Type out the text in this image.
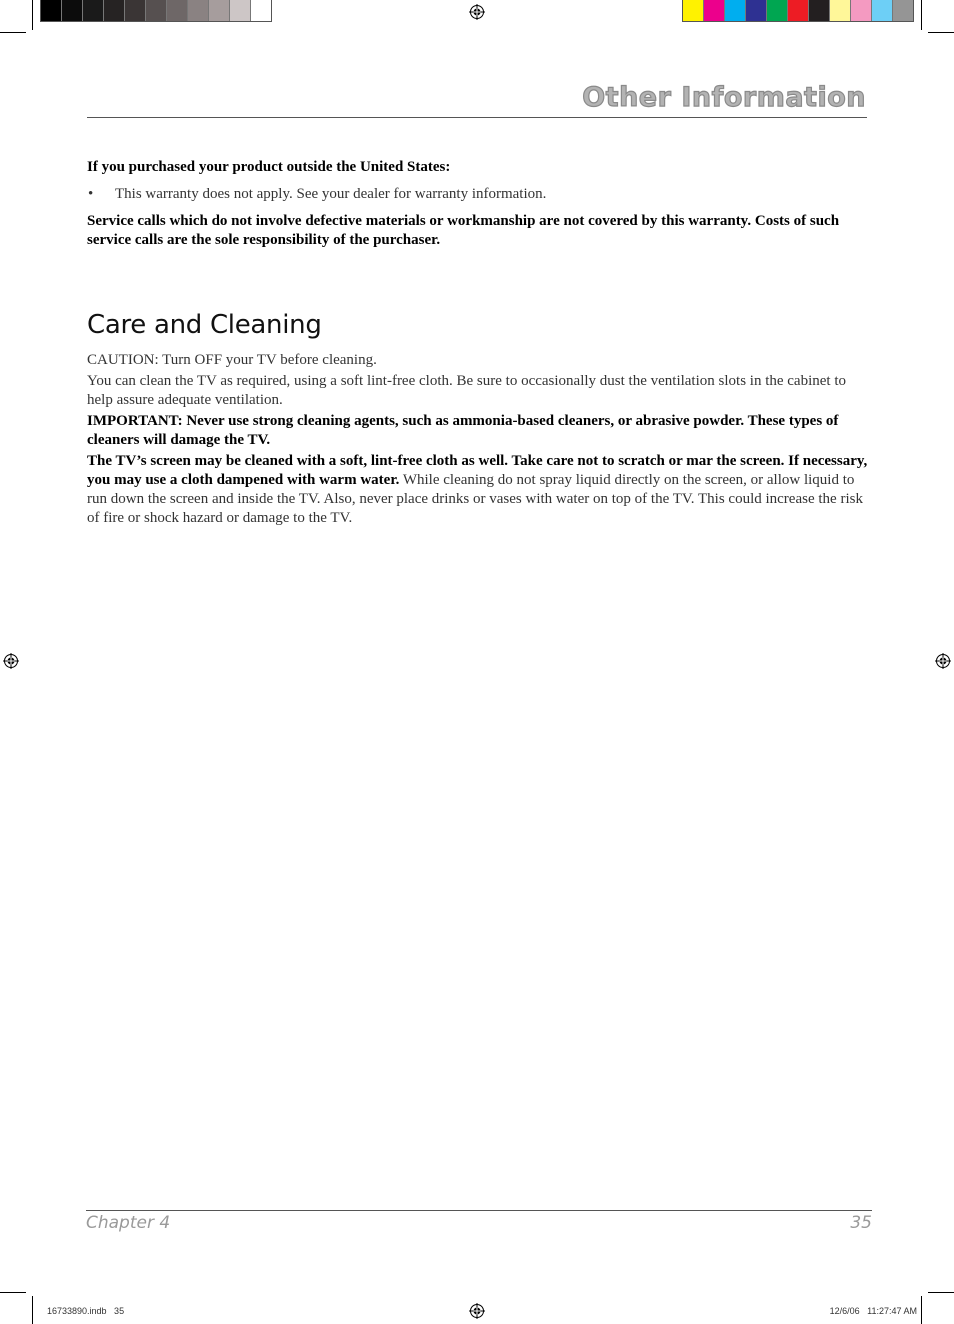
Other Information

If you purchased your product outside the United States:

•	This warranty does not apply. See your dealer for warranty information.

Service calls which do not involve defective materials or workmanship are not covered by this warranty. Costs of such service calls are the sole responsibility of the purchaser.

Care and Cleaning

CAUTION: Turn OFF your TV before cleaning.

You can clean the TV as required, using a soft lint-free cloth. Be sure to occasionally dust the ventilation slots in the cabinet to help assure adequate ventilation.

IMPORTANT: Never use strong cleaning agents, such as ammonia-based cleaners, or abrasive powder. These types of cleaners will damage the TV.

The TV’s screen may be cleaned with a soft, lint-free cloth as well. Take care not to scratch or mar the screen. If necessary, you may use a cloth dampened with warm water. While cleaning do not spray liquid directly on the screen, or allow liquid to run down the screen and inside the TV. Also, never place drinks or vases with water on top of the TV. This could increase the risk of fire or shock hazard or damage to the TV.

Chapter 4	35
16733890.indb   35	12/6/06   11:27:47 AM
